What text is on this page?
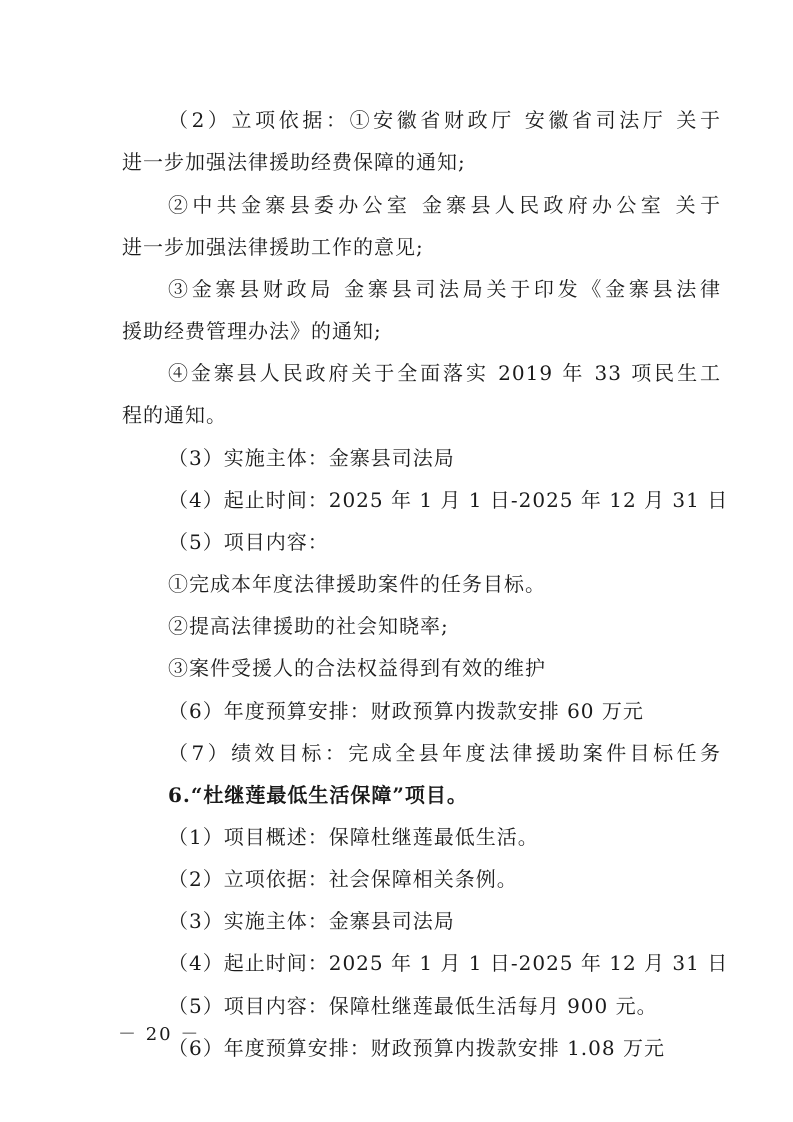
（2）立项依据：①安徽省财政厅 安徽省司法厅 关于
进一步加强法律援助经费保障的通知;
②中共金寨县委办公室 金寨县人民政府办公室 关于
进一步加强法律援助工作的意见;
③金寨县财政局 金寨县司法局关于印发《金寨县法律
援助经费管理办法》的通知;
④金寨县人民政府关于全面落实 2019 年 33 项民生工
程的通知。
（3）实施主体：金寨县司法局
（4）起止时间：2025 年 1 月 1 日-2025 年 12 月 31 日
（5）项目内容：
①完成本年度法律援助案件的任务目标。
②提高法律援助的社会知晓率;
③案件受援人的合法权益得到有效的维护
（6）年度预算安排：财政预算内拨款安排 60 万元
（7）绩效目标：完成全县年度法律援助案件目标任务
6.“杜继莲最低生活保障”项目。
（1）项目概述：保障杜继莲最低生活。
（2）立项依据：社会保障相关条例。
（3）实施主体：金寨县司法局
（4）起止时间：2025 年 1 月 1 日-2025 年 12 月 31 日
（5）项目内容：保障杜继莲最低生活每月 900 元。
（6）年度预算安排：财政预算内拨款安排 1.08 万元
－ 20 －
